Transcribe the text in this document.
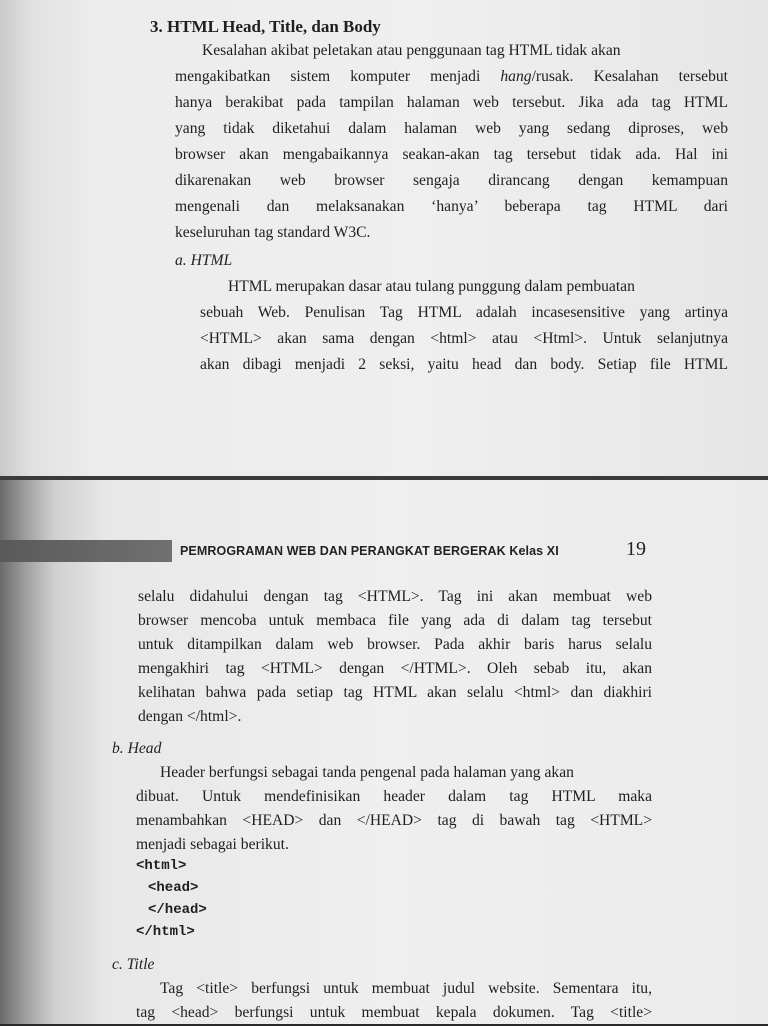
3. HTML Head, Title, dan Body
Kesalahan akibat peletakan atau penggunaan tag HTML tidak akan
mengakibatkan sistem komputer menjadi hang/rusak. Kesalahan tersebut
hanya berakibat pada tampilan halaman web tersebut. Jika ada tag HTML
yang tidak diketahui dalam halaman web yang sedang diproses, web
browser akan mengabaikannya seakan-akan tag tersebut tidak ada. Hal ini
dikarenakan web browser sengaja dirancang dengan kemampuan
mengenali dan melaksanakan ‘hanya’ beberapa tag HTML dari
keseluruhan tag standard W3C.
a. HTML
HTML merupakan dasar atau tulang punggung dalam pembuatan
sebuah Web. Penulisan Tag HTML adalah incasesensitive yang artinya
<HTML> akan sama dengan <html> atau <Html>. Untuk selanjutnya
akan dibagi menjadi 2 seksi, yaitu head dan body. Setiap file HTML
PEMROGRAMAN WEB DAN PERANGKAT BERGERAK Kelas XI	19
selalu didahului dengan tag <HTML>. Tag ini akan membuat web
browser mencoba untuk membaca file yang ada di dalam tag tersebut
untuk ditampilkan dalam web browser. Pada akhir baris harus selalu
mengakhiri tag <HTML> dengan </HTML>. Oleh sebab itu, akan
kelihatan bahwa pada setiap tag HTML akan selalu <html> dan diakhiri
dengan </html>.
b. Head
Header berfungsi sebagai tanda pengenal pada halaman yang akan
dibuat. Untuk mendefinisikan header dalam tag HTML maka
menambahkan <HEAD> dan </HEAD> tag di bawah tag <HTML>
menjadi sebagai berikut.
<html>
<head>
</head>
</html>
c. Title
Tag <title> berfungsi untuk membuat judul website. Sementara itu,
tag <head> berfungsi untuk membuat kepala dokumen. Tag <title>
